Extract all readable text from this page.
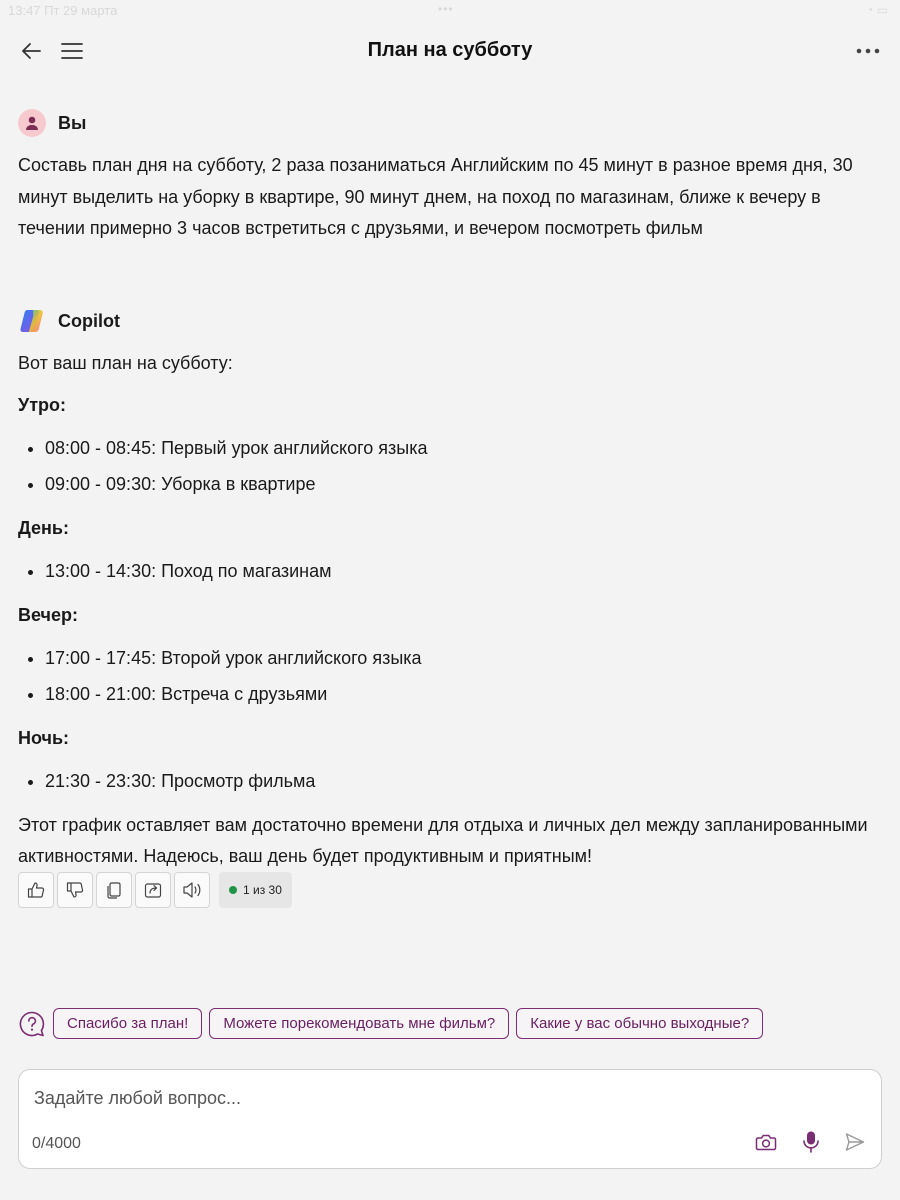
13:47 Пт 29 марта	•••	◔ ▭
План на субботу
Вы
Составь план дня на субботу, 2 раза позаниматься Английским по 45 минут в разное время дня, 30 минут выделить на уборку в квартире, 90 минут днем, на поход по магазинам, ближе к вечеру в течении примерно 3 часов встретиться с друзьями, и вечером посмотреть фильм
Copilot

Вот ваш план на субботу:

Утро:

• 08:00 - 08:45: Первый урок английского языка
• 09:00 - 09:30: Уборка в квартире

День:

• 13:00 - 14:30: Поход по магазинам

Вечер:

• 17:00 - 17:45: Второй урок английского языка
• 18:00 - 21:00: Встреча с друзьями

Ночь:

• 21:30 - 23:30: Просмотр фильма

Этот график оставляет вам достаточно времени для отдыха и личных дел между запланированными активностями. Надеюсь, ваш день будет продуктивным и приятным!

1 из 30
Спасибо за план!	Можете порекомендовать мне фильм?	Какие у вас обычно выходные?
Задайте любой вопрос...
0/4000
